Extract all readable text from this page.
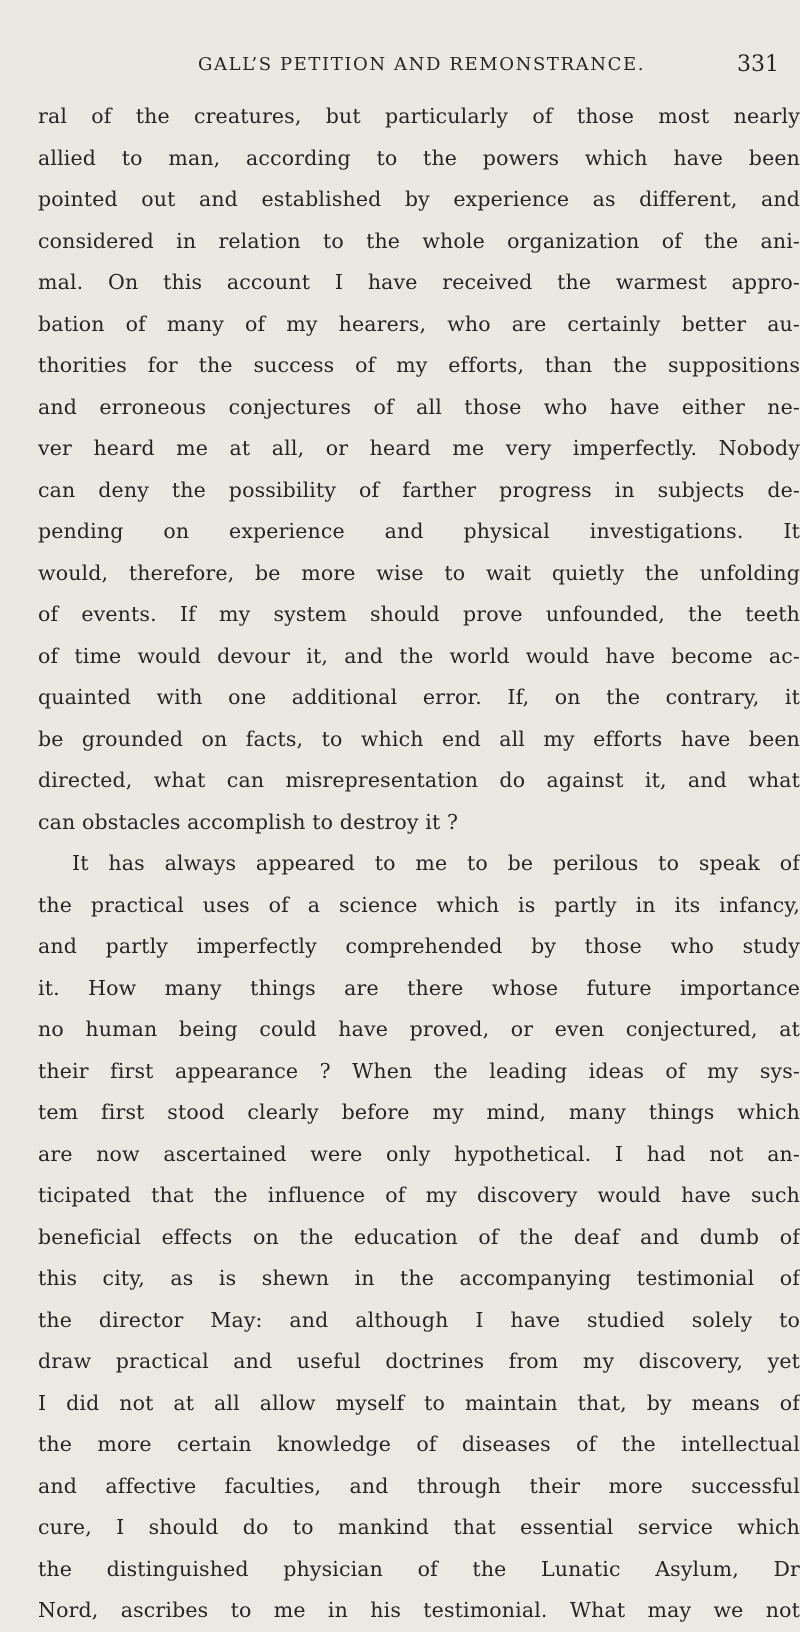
GALL’S PETITION AND REMONSTRANCE.	331
ral of the creatures, but particularly of those most nearly
allied to man, according to the powers which have been
pointed out and established by experience as different, and
considered in relation to the whole organization of the ani-
mal. On this account I have received the warmest appro-
bation of many of my hearers, who are certainly better au-
thorities for the success of my efforts, than the suppositions
and erroneous conjectures of all those who have either ne-
ver heard me at all, or heard me very imperfectly. Nobody
can deny the possibility of farther progress in subjects de-
pending on experience and physical investigations. It
would, therefore, be more wise to wait quietly the unfolding
of events. If my system should prove unfounded, the teeth
of time would devour it, and the world would have become ac-
quainted with one additional error. If, on the contrary, it
be grounded on facts, to which end all my efforts have been
directed, what can misrepresentation do against it, and what
can obstacles accomplish to destroy it ?
It has always appeared to me to be perilous to speak of
the practical uses of a science which is partly in its infancy,
and partly imperfectly comprehended by those who study
it. How many things are there whose future importance
no human being could have proved, or even conjectured, at
their first appearance ? When the leading ideas of my sys-
tem first stood clearly before my mind, many things which
are now ascertained were only hypothetical. I had not an-
ticipated that the influence of my discovery would have such
beneficial effects on the education of the deaf and dumb of
this city, as is shewn in the accompanying testimonial of
the director May: and although I have studied solely to
draw practical and useful doctrines from my discovery, yet
I did not at all allow myself to maintain that, by means of
the more certain knowledge of diseases of the intellectual
and affective faculties, and through their more successful
cure, I should do to mankind that essential service which
the distinguished physician of the Lunatic Asylum, Dr
Nord, ascribes to me in his testimonial. What may we not
